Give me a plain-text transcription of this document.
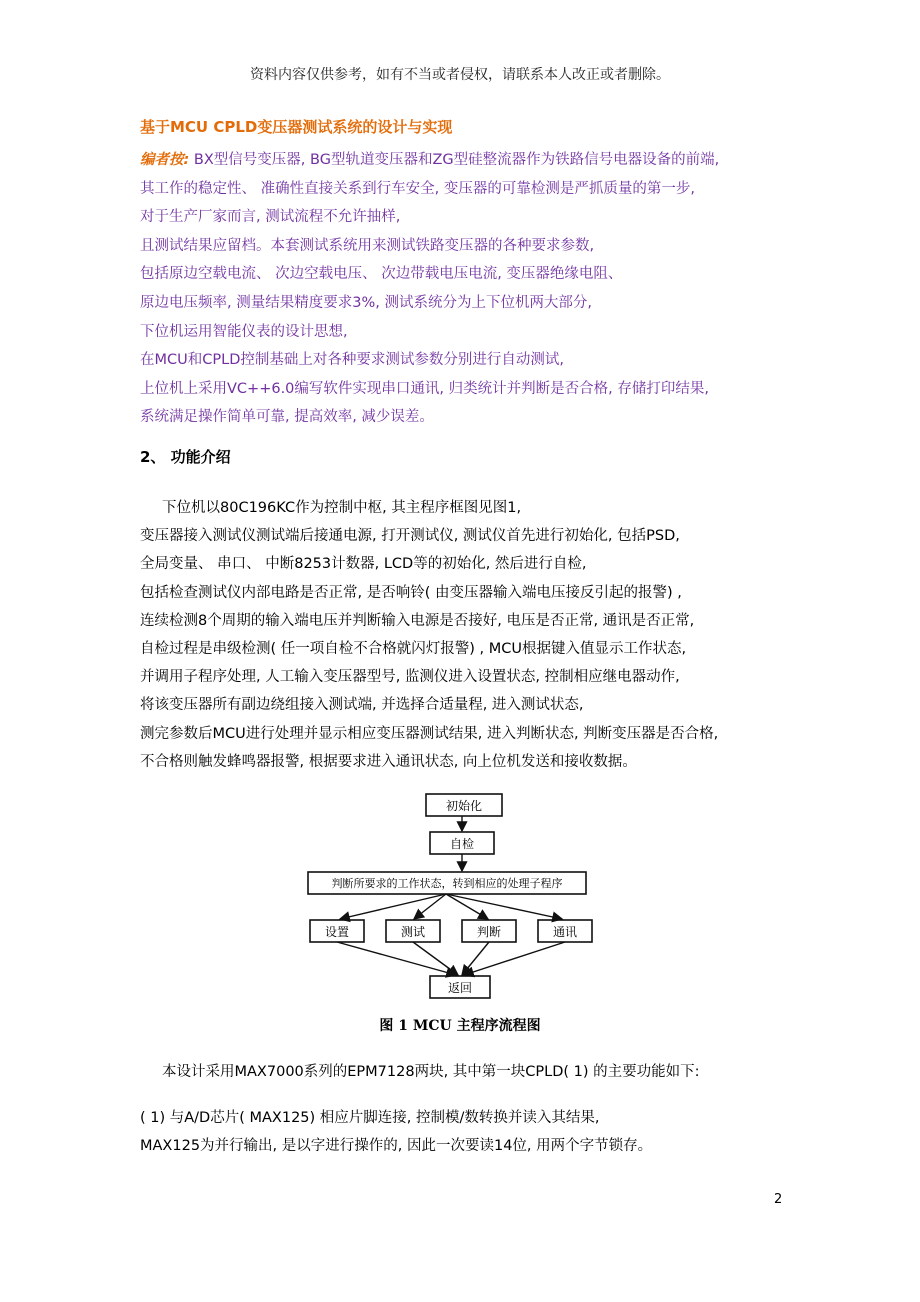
资料内容仅供参考，如有不当或者侵权，请联系本人改正或者删除。
基于MCU CPLD变压器测试系统的设计与实现
编者按: BX型信号变压器, BG型轨道变压器和ZG型硅整流器作为铁路信号电器设备的前端,
其工作的稳定性、 准确性直接关系到行车安全, 变压器的可靠检测是严抓质量的第一步,
对于生产厂家而言, 测试流程不允许抽样,
且测试结果应留档。本套测试系统用来测试铁路变压器的各种要求参数,
包括原边空载电流、 次边空载电压、 次边带载电压电流, 变压器绝缘电阻、
原边电压频率, 测量结果精度要求3%, 测试系统分为上下位机两大部分,
下位机运用智能仪表的设计思想,
在MCU和CPLD控制基础上对各种要求测试参数分别进行自动测试,
上位机上采用VC++6.0编写软件实现串口通讯, 归类统计并判断是否合格, 存储打印结果,
系统满足操作简单可靠, 提高效率, 减少误差。
2、 功能介绍
下位机以80C196KC作为控制中枢, 其主程序框图见图1,
变压器接入测试仪测试端后接通电源, 打开测试仪, 测试仪首先进行初始化, 包括PSD,
全局变量、 串口、 中断8253计数器, LCD等的初始化, 然后进行自检,
包括检查测试仪内部电路是否正常, 是否响铃( 由变压器输入端电压接反引起的报警) ,
连续检测8个周期的输入端电压并判断输入电源是否接好, 电压是否正常, 通讯是否正常,
自检过程是串级检测( 任一项自检不合格就闪灯报警) , MCU根据键入值显示工作状态,
并调用子程序处理, 人工输入变压器型号, 监测仪进入设置状态, 控制相应继电器动作,
将该变压器所有副边绕组接入测试端, 并选择合适量程, 进入测试状态,
测完参数后MCU进行处理并显示相应变压器测试结果, 进入判断状态, 判断变压器是否合格,
不合格则触发蜂鸣器报警, 根据要求进入通讯状态, 向上位机发送和接收数据。
初始化
自检
判断所要求的工作状态，转到相应的处理子程序
设置	测试	判断	通讯
返回
图 1 MCU 主程序流程图
本设计采用MAX7000系列的EPM7128两块, 其中第一块CPLD( 1) 的主要功能如下:
( 1) 与A/D芯片( MAX125) 相应片脚连接, 控制模/数转换并读入其结果,
MAX125为并行输出, 是以字进行操作的, 因此一次要读14位, 用两个字节锁存。
2
